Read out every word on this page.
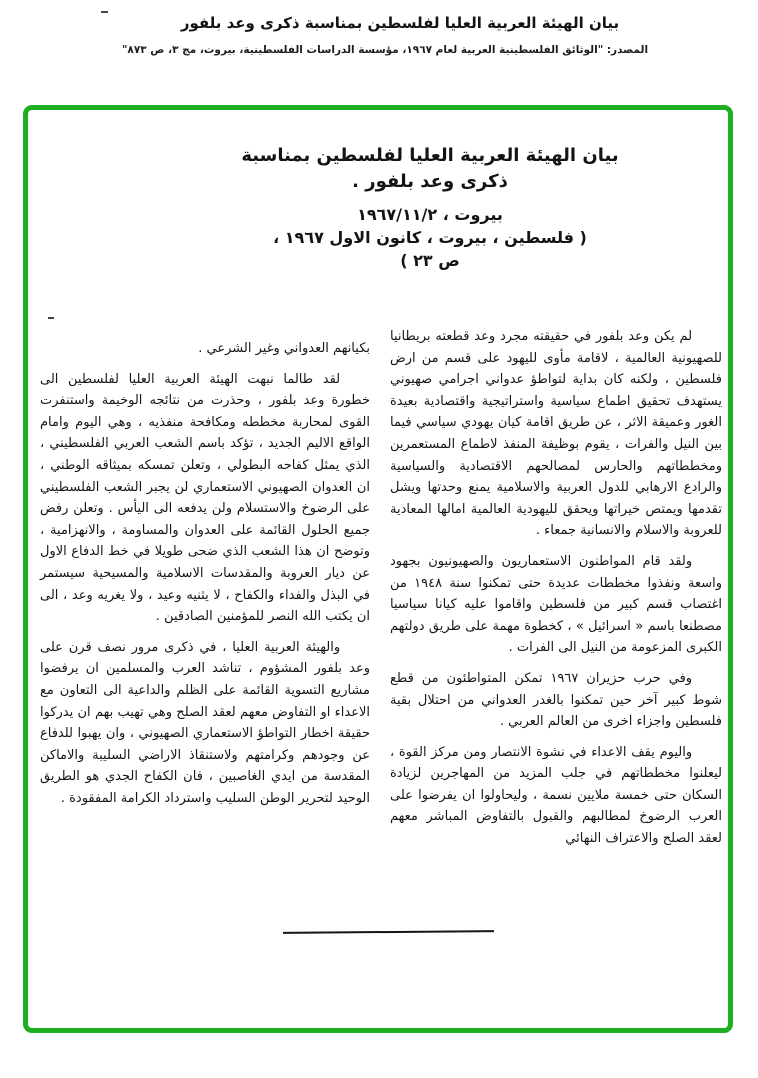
بيان الهيئة العربية العليا لفلسطين بمناسبة ذكرى وعد بلفور
المصدر: "الوثائق الفلسطينية العربية لعام ١٩٦٧، مؤسسة الدراسات الفلسطينية، بيروت، مج ٣، ص ٨٧٣"
بيان الهيئة العربية العليا لفلسطين بمناسبة
ذكرى وعد بلفور .
بيروت ، ١٩٦٧/١١/٢
( فلسطين ، بيروت ، كانون الاول ١٩٦٧ ،
ص ٢٣ )

لم يكن وعد بلفور في حقيقته مجرد وعد قطعته بريطانيا للصهيونية العالمية ، لاقامة مأوى لليهود على قسم من ارض فلسطين ، ولكنه كان بداية لتواطؤ عدواني اجرامي صهيوني يستهدف تحقيق اطماع سياسية واستراتيجية واقتصادية بعيدة الغور وعميقة الاثر ، عن طريق اقامة كيان يهودي سياسي فيما بين النيل والفرات ، يقوم بوظيفة المنفذ لاطماع المستعمرين ومخططاتهم والحارس لمصالحهم الاقتصادية والسياسية والرادع الارهابي للدول العربية والاسلامية يمنع وحدتها ويشل تقدمها ويمتص خيراتها ويحقق لليهودية العالمية امالها المعادية للعروبة والاسلام والانسانية جمعاء .

ولقد قام المواطنون الاستعماريون والصهيونيون بجهود واسعة ونفذوا مخططات عديدة حتى تمكنوا سنة ١٩٤٨ من اغتصاب قسم كبير من فلسطين واقاموا عليه كيانا سياسيا مصطنعا باسم « اسرائيل » ، كخطوة مهمة على طريق دولتهم الكبرى المزعومة من النيل الى الفرات .

وفي حرب حزيران ١٩٦٧ تمكن المتواطئون من قطع شوط كبير آخر حين تمكنوا بالغدر العدواني من احتلال بقية فلسطين واجزاء اخرى من العالم العربي .

واليوم يقف الاعداء في نشوة الانتصار ومن مركز القوة ، ليعلنوا مخططاتهم في جلب المزيد من المهاجرين لزيادة السكان حتى خمسة ملايين نسمة ، وليحاولوا ان يفرضوا على العرب الرضوخ لمطالبهم والقبول بالتفاوض المباشر معهم لعقد الصلح والاعتراف النهائي

بكيانهم العدواني وغير الشرعي .

لقد طالما نبهت الهيئة العربية العليا لفلسطين الى خطورة وعد بلفور ، وحذرت من نتائجه الوخيمة واستنفرت القوى لمحاربة مخططه ومكافحة منفذيه ، وهي اليوم وامام الواقع الاليم الجديد ، تؤكد باسم الشعب العربي الفلسطيني ، الذي يمثل كفاحه البطولي ، وتعلن تمسكه بميثاقه الوطني ، ان العدوان الصهيوني الاستعماري لن يجبر الشعب الفلسطيني على الرضوخ والاستسلام ولن يدفعه الى اليأس . وتعلن رفض جميع الحلول القائمة على العدوان والمساومة ، والانهزامية ، وتوضح ان هذا الشعب الذي ضحى طويلا في خط الدفاع الاول عن ديار العروبة والمقدسات الاسلامية والمسيحية سيستمر في البذل والفداء والكفاح ، لا يثنيه وعيد ، ولا يغريه وعد ، الى ان يكتب الله النصر للمؤمنين الصادقين .

والهيئة العربية العليا ، في ذكرى مرور نصف قرن على وعد بلفور المشؤوم ، تناشد العرب والمسلمين ان يرفضوا مشاريع التسوية القائمة على الظلم والداعية الى التعاون مع الاعداء او التفاوض معهم لعقد الصلح وهي تهيب بهم ان يدركوا حقيقة اخطار التواطؤ الاستعماري الصهيوني ، وان يهبوا للدفاع عن وجودهم وكرامتهم ولاستنقاذ الاراضي السليبة والاماكن المقدسة من ايدي الغاصبين ، فان الكفاح الجدي هو الطريق الوحيد لتحرير الوطن السليب واسترداد الكرامة المفقودة .
